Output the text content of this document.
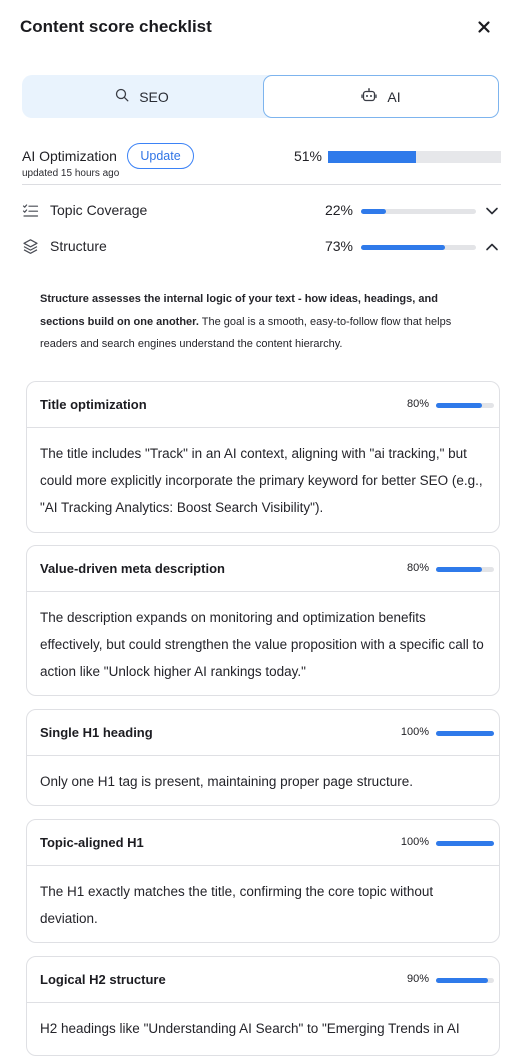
Content score checklist
SEO	AI
AI Optimization	Update
updated 15 hours ago
51%
Topic Coverage	22%
Structure	73%
Structure assesses the internal logic of your text - how ideas, headings, and sections build on one another. The goal is a smooth, easy-to-follow flow that helps readers and search engines understand the content hierarchy.
Title optimization	80%
The title includes "Track" in an AI context, aligning with "ai tracking," but could more explicitly incorporate the primary keyword for better SEO (e.g., "AI Tracking Analytics: Boost Search Visibility").
Value-driven meta description	80%
The description expands on monitoring and optimization benefits effectively, but could strengthen the value proposition with a specific call to action like "Unlock higher AI rankings today."
Single H1 heading	100%
Only one H1 tag is present, maintaining proper page structure.
Topic-aligned H1	100%
The H1 exactly matches the title, confirming the core topic without deviation.
Logical H2 structure	90%
H2 headings like "Understanding AI Search" to "Emerging Trends in AI
